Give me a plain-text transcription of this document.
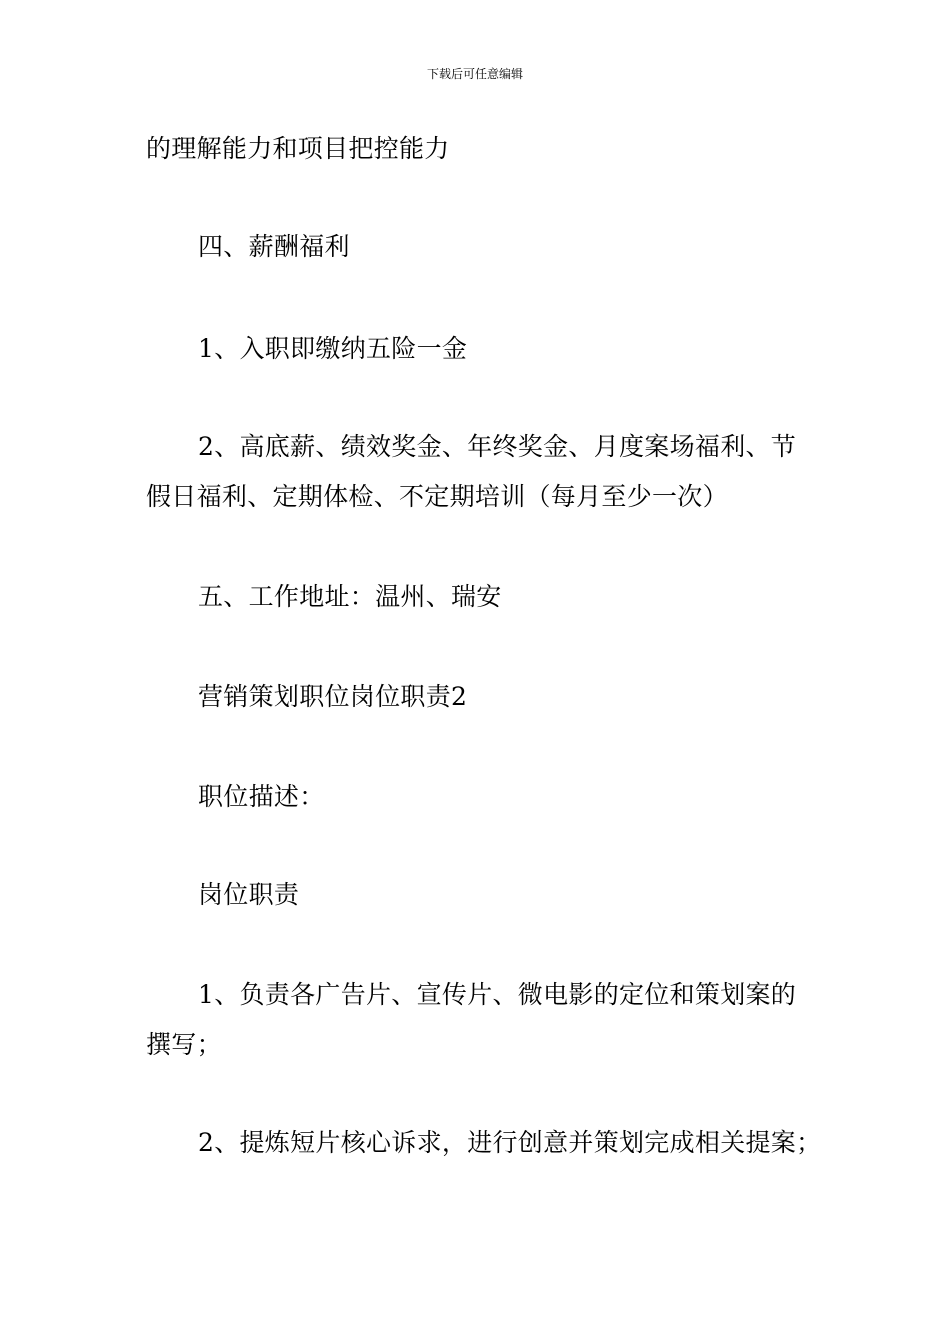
下载后可任意编辑
的理解能力和项目把控能力
四、薪酬福利
1、入职即缴纳五险一金
2、高底薪、绩效奖金、年终奖金、月度案场福利、节
假日福利、定期体检、不定期培训（每月至少一次）
五、工作地址：温州、瑞安
营销策划职位岗位职责2
职位描述：
岗位职责
1、负责各广告片、宣传片、微电影的定位和策划案的
撰写；
2、提炼短片核心诉求，进行创意并策划完成相关提案；
